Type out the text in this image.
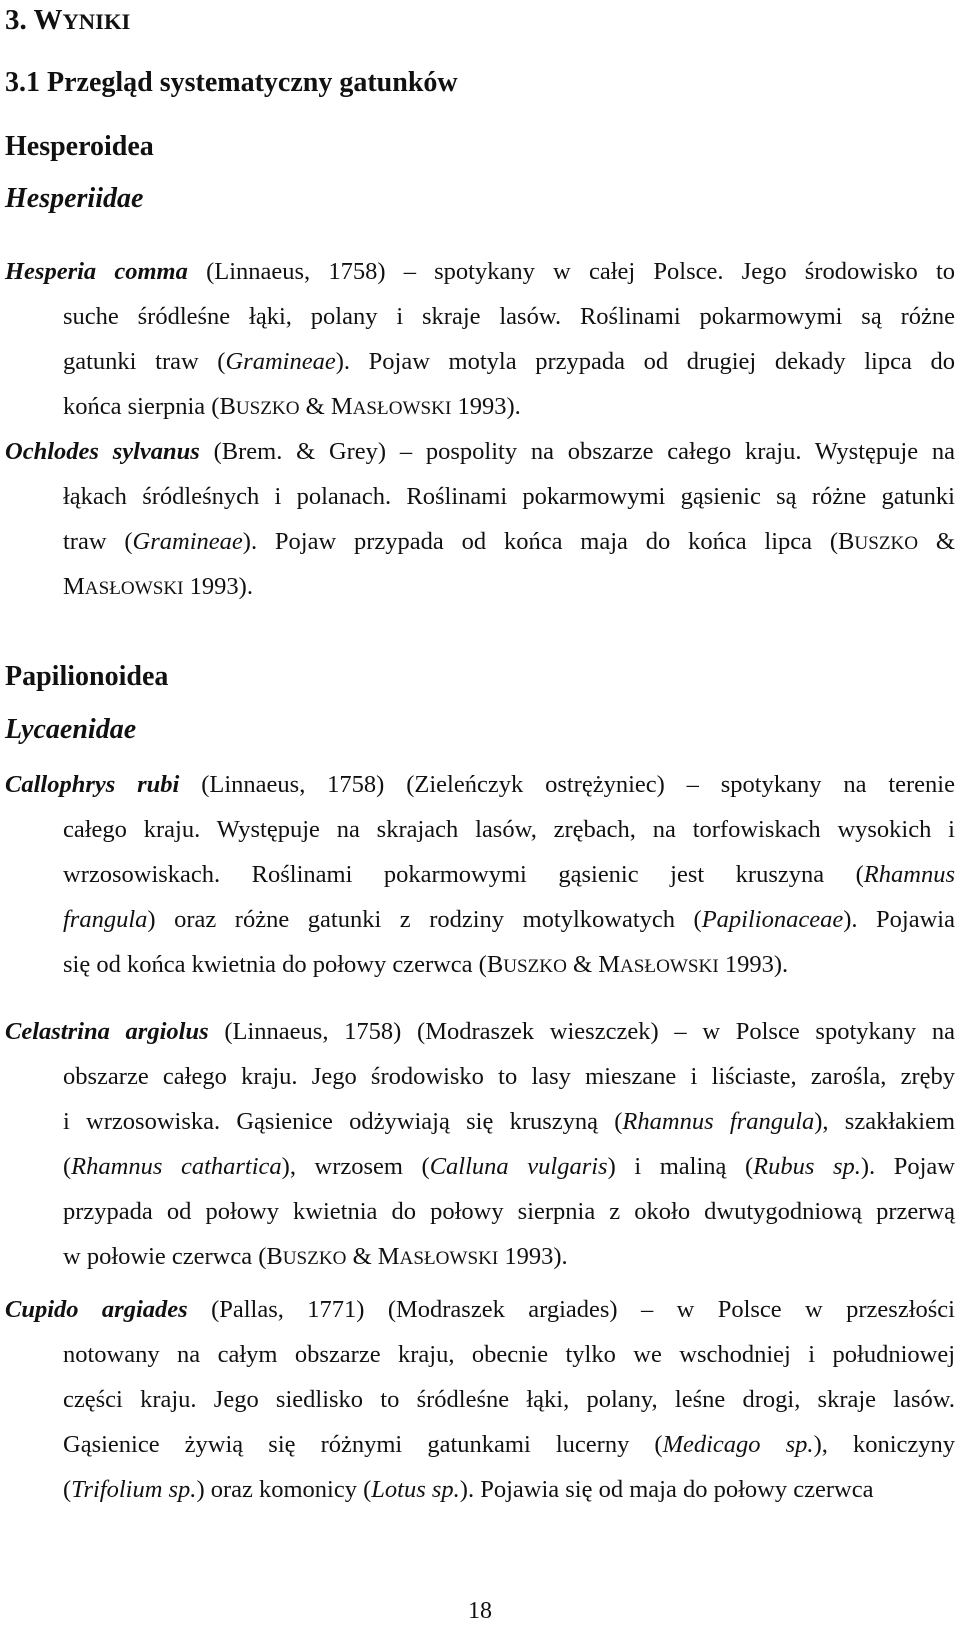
3. WYNIKI
3.1 Przegląd systematyczny gatunków
Hesperoidea
Hesperiidae
Hesperia comma (Linnaeus, 1758) – spotykany w całej Polsce. Jego środowisko to
suche śródleśne łąki, polany i skraje lasów. Roślinami pokarmowymi są różne
gatunki traw (Gramineae). Pojaw motyla przypada od drugiej dekady lipca do
końca sierpnia (BUSZKO & MASŁOWSKI 1993).
Ochlodes sylvanus (Brem. & Grey) – pospolity na obszarze całego kraju. Występuje na
łąkach śródleśnych i polanach. Roślinami pokarmowymi gąsienic są różne gatunki
traw (Gramineae). Pojaw przypada od końca maja do końca lipca (BUSZKO &
MASŁOWSKI 1993).
Papilionoidea
Lycaenidae
Callophrys rubi (Linnaeus, 1758) (Zieleńczyk ostrężyniec) – spotykany na terenie
całego kraju. Występuje na skrajach lasów, zrębach, na torfowiskach wysokich i
wrzosowiskach. Roślinami pokarmowymi gąsienic jest kruszyna (Rhamnus
frangula) oraz różne gatunki z rodziny motylkowatych (Papilionaceae). Pojawia
się od końca kwietnia do połowy czerwca (BUSZKO & MASŁOWSKI 1993).
Celastrina argiolus (Linnaeus, 1758) (Modraszek wieszczek) – w Polsce spotykany na
obszarze całego kraju. Jego środowisko to lasy mieszane i liściaste, zarośla, zręby
i wrzosowiska. Gąsienice odżywiają się kruszyną (Rhamnus frangula), szakłakiem
(Rhamnus cathartica), wrzosem (Calluna vulgaris) i maliną (Rubus sp.). Pojaw
przypada od połowy kwietnia do połowy sierpnia z około dwutygodniową przerwą
w połowie czerwca (BUSZKO & MASŁOWSKI 1993).
Cupido argiades (Pallas, 1771) (Modraszek argiades) – w Polsce w przeszłości
notowany na całym obszarze kraju, obecnie tylko we wschodniej i południowej
części kraju. Jego siedlisko to śródleśne łąki, polany, leśne drogi, skraje lasów.
Gąsienice żywią się różnymi gatunkami lucerny (Medicago sp.), koniczyny
(Trifolium sp.) oraz komonicy (Lotus sp.). Pojawia się od maja do połowy czerwca
18
